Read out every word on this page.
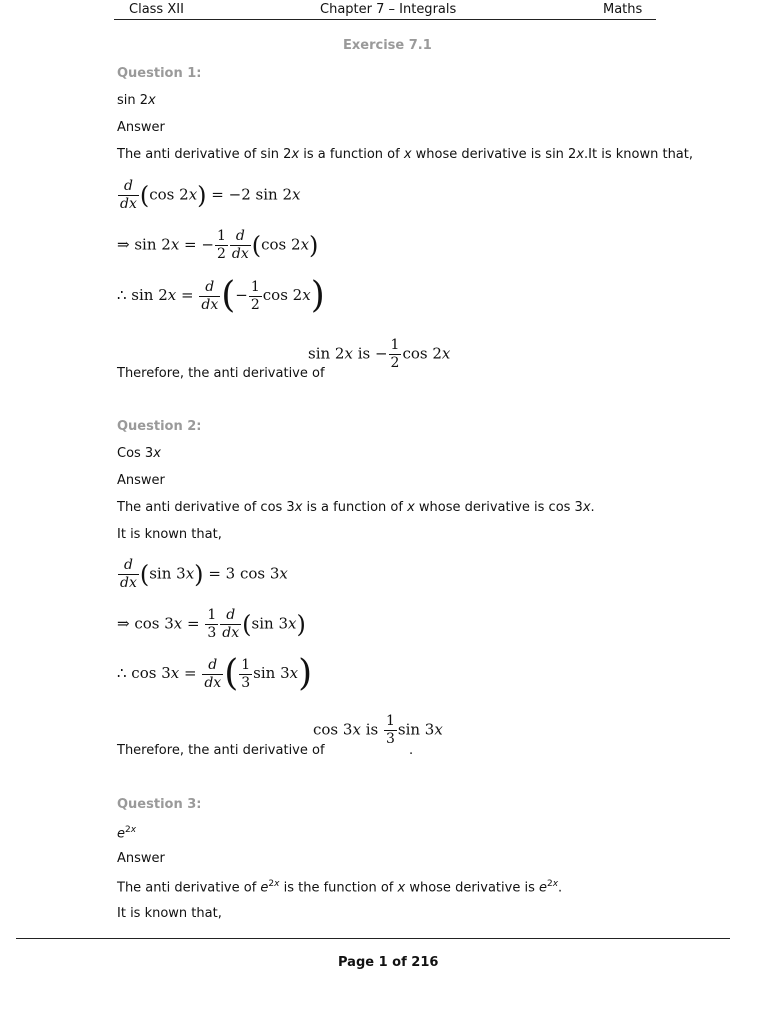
Class XII	Chapter 7 – Integrals	Maths
Exercise 7.1
Question 1:
sin 2x
Answer
The anti derivative of sin 2x is a function of x whose derivative is sin 2x.It is known that,
$\frac{d}{dx} (\cos$ 2x) = −2 sin 2x
⇒ sin 2x = − $\frac{1}{2} \frac{d}{dx} (\cos$ 2x)
∴ $\sin 2x = \frac{d}{dx}$ (− $\frac{1}{2}$ cos 2x)
Therefore, the anti derivative of
sin 2x is − $\frac{1}{2}$ cos 2x
Question 2:
Cos 3x
Answer
The anti derivative of cos 3x is a function of x whose derivative is cos 3x.
It is known that,
$\frac{d}{dx} (\sin$ 3x) = 3 cos 3x
⇒ $\cos 3x = \frac{1}{3} \frac{d}{dx} (\sin$ 3x)
∴ $\cos 3x = \frac{d}{dx}$ ( $\frac{1}{3}$ sin 3x)
Therefore, the anti derivative of
cos 3x is $\frac{1}{3}$ sin 3x
.
Question 3:
$e^{2x}$
Answer
The anti derivative of $e^{2x}$ is the function of x whose derivative is $e^{2x}$.
It is known that,
Page 1 of 216
